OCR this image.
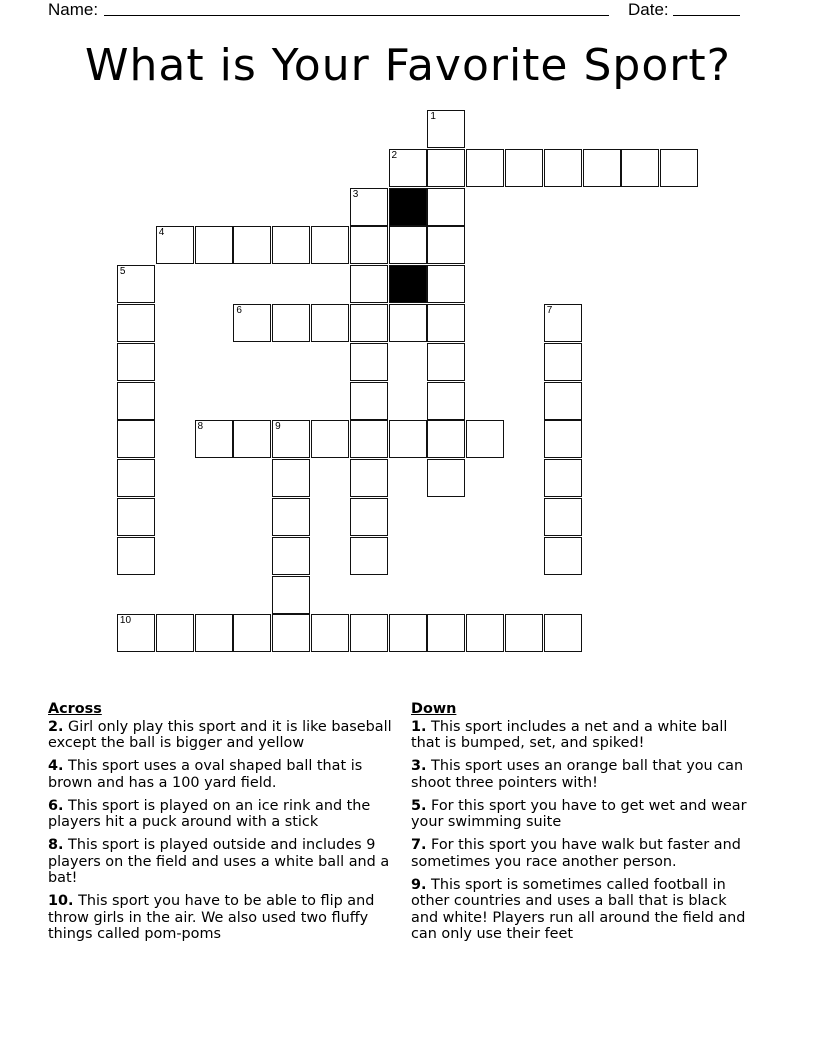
Name:	Date:
What is Your Favorite Sport?
1
2
3
4
5
6	7
8	9
10
Across
2. Girl only play this sport and it is like baseball except the ball is bigger and yellow
4. This sport uses a oval shaped ball that is brown and has a 100 yard field.
6. This sport is played on an ice rink and the players hit a puck around with a stick
8. This sport is played outside and includes 9 players on the field and uses a white ball and a bat!
10. This sport you have to be able to flip and throw girls in the air. We also used two fluffy things called pom-poms
Down
1. This sport includes a net and a white ball that is bumped, set, and spiked!
3. This sport uses an orange ball that you can shoot three pointers with!
5. For this sport you have to get wet and wear your swimming suite
7. For this sport you have walk but faster and sometimes you race another person.
9. This sport is sometimes called football in other countries and uses a ball that is black and white! Players run all around the field and can only use their feet
